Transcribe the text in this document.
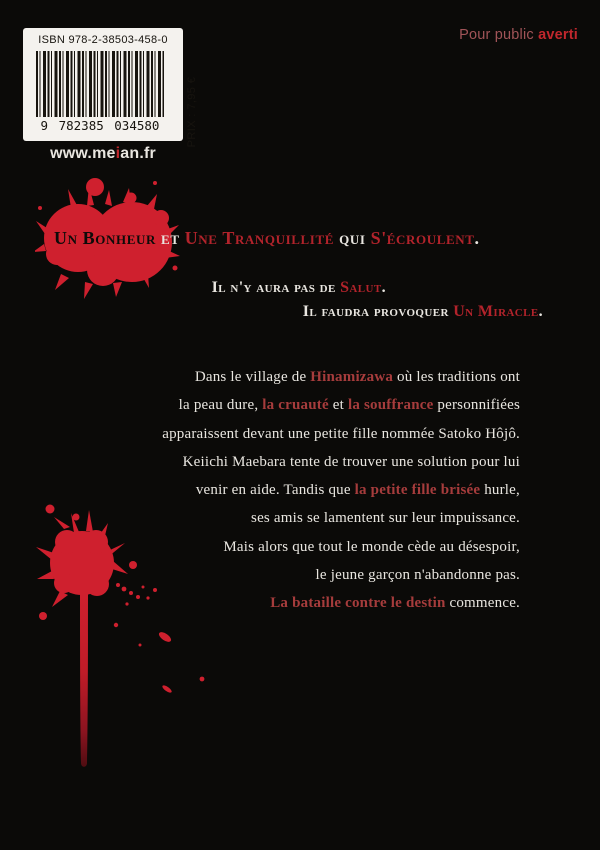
Pour public averti
ISBN 978-2-38503-458-0
9 782385 034580	PRIX : 7,95 €
www.meian.fr
Un Bonheur et Une Tranquillité qui S'écroulent.
Il n'y aura pas de Salut.
Il faudra provoquer Un Miracle.
Dans le village de Hinamizawa où les traditions ont
la peau dure, la cruauté et la souffrance personnifiées
apparaissent devant une petite fille nommée Satoko Hôjô.
Keiichi Maebara tente de trouver une solution pour lui
venir en aide. Tandis que la petite fille brisée hurle,
ses amis se lamentent sur leur impuissance.
Mais alors que tout le monde cède au désespoir,
le jeune garçon n'abandonne pas.
La bataille contre le destin commence.
